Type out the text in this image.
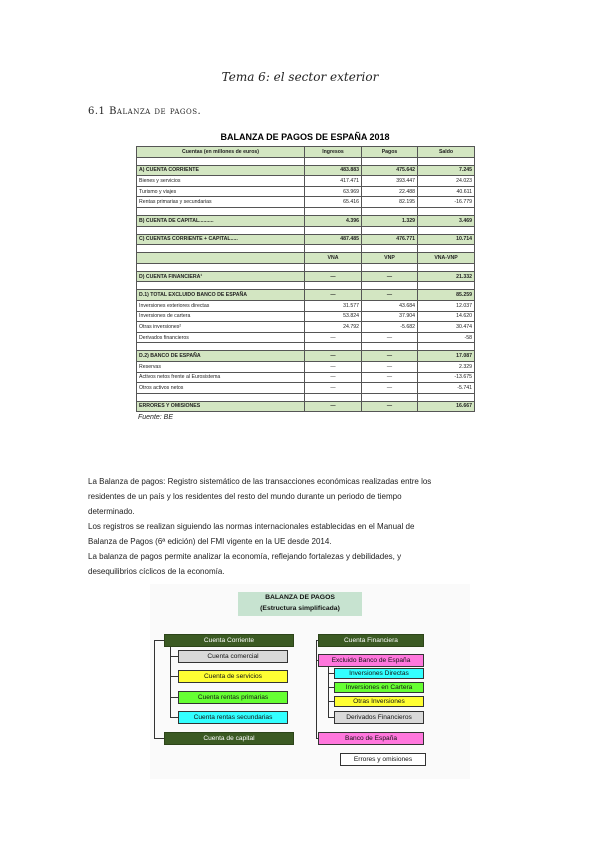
Tema 6: el sector exterior
6.1 Balanza de pagos.
BALANZA DE PAGOS DE ESPAÑA 2018
Cuentas (en millones de euros)	Ingresos	Pagos	Saldo

A) CUENTA CORRIENTE	483.883	475.642	7.245
Bienes y servicios	417.471	393.447	24.023
Turismo y viajes	63.969	22.488	40.611
Rentas primarias y secundarias	65.416	82.195	-16.779

B) CUENTA DE CAPITAL..........	4.396	1.329	3.469

C) CUENTAS CORRIENTE + CAPITAL.....	487.485	476.771	10.714

	VNA	VNP	VNA-VNP

D) CUENTA FINANCIERA¹	—	—	21.332

D.1) TOTAL EXCLUIDO BANCO DE ESPAÑA	—	—	85.259
Inversiones exteriores directas	31.577	43.684	12.037
Inversiones de cartera	53.824	37.904	14.620
Otras inversiones²	24.792	-5.682	30.474
Derivados financieros	—	—	-58

D.2) BANCO DE ESPAÑA	—	—	17.087
Reservas	—	—	2.329
Activos netos frente al Eurosistema	—	—	-13.675
Otros activos netos	—	—	-5.741

ERRORES Y OMISIONES	—	—	16.667
Fuente: BE
La Balanza de pagos: Registro sistemático de las transacciones económicas realizadas entre los
residentes de un país y los residentes del resto del mundo durante un periodo de tiempo
determinado.
Los registros se realizan siguiendo las normas internacionales establecidas en el Manual de
Balanza de Pagos (6ª edición) del FMI vigente en la UE desde 2014.
La balanza de pagos permite analizar la economía, reflejando fortalezas y debilidades, y
desequilibrios cíclicos de la economía.
BALANZA DE PAGOS
(Estructura simplificada)
Cuenta Corriente
Cuenta comercial
Cuenta de servicios
Cuenta rentas primarias
Cuenta rentas secundarias
Cuenta de capital
Cuenta Financiera
Excluido Banco de España
Inversiones Directas
Inversiones en Cartera
Otras Inversiones
Derivados Financieros
Banco de España
Errores y omisiones
